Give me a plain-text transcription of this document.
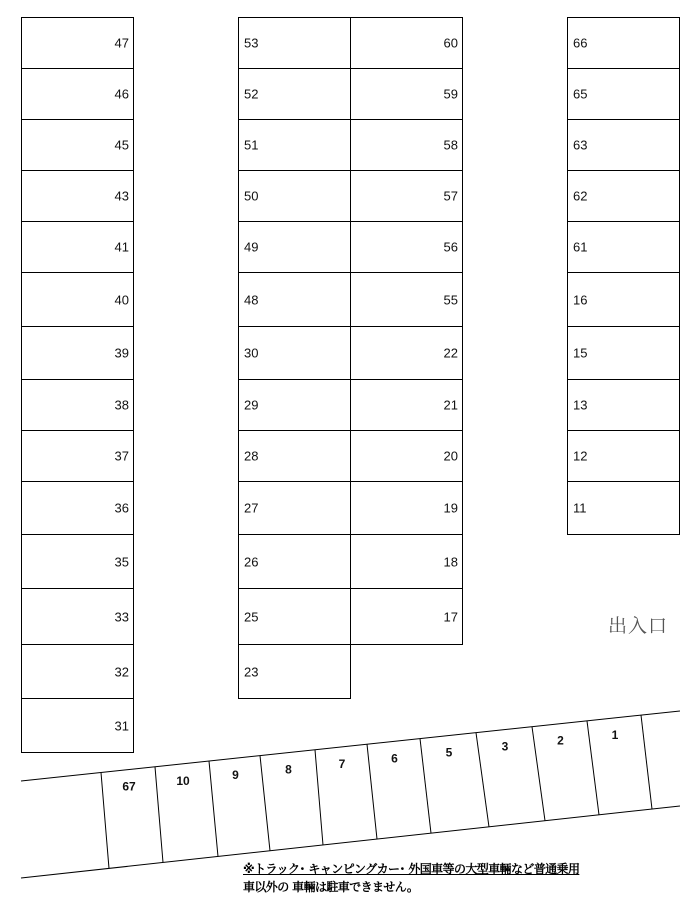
47
46
45
43
41
40
39
38
37
36
35
33
32
31
53
52
51
50
49
48
30
29
28
27
26
25
23
60
59
58
57
56
55
22
21
20
19
18
17
66
65
63
62
61
16
15
13
12
11
出入口
67	10	9	8	7	6	5	3	2	1
※トラック･ キャンピングカー･ 外国車等の大型車輛など普通乗用
車以外の 車輛は駐車できません。
